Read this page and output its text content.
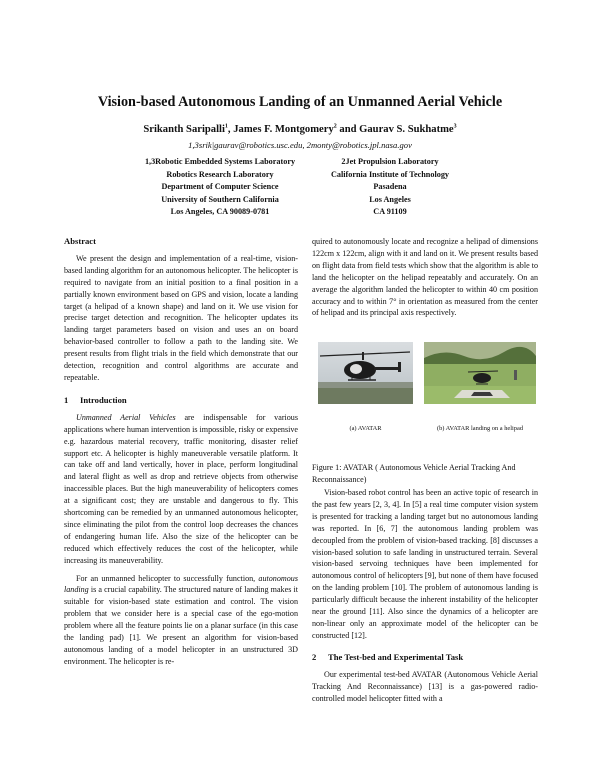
Vision-based Autonomous Landing of an Unmanned Aerial Vehicle
Srikanth Saripalli$^1$, James F. Montgomery$^2$ and Gaurav S. Sukhatme$^3$
1,3srik|gaurav@robotics.usc.edu, 2monty@robotics.jpl.nasa.gov
1,3Robotic Embedded Systems Laboratory
Robotics Research Laboratory
Department of Computer Science
University of Southern California
Los Angeles, CA 90089-0781
2Jet Propulsion Laboratory
California Institute of Technology
Pasadena
Los Angeles
CA 91109

Abstract

We present the design and implementation of a real-time, vision-based landing algorithm for an autonomous helicopter. The helicopter is required to navigate from an initial position to a final position in a partially known environment based on GPS and vision, locate a landing target (a helipad of a known shape) and land on it. We use vision for precise target detection and recognition. The helicopter updates its landing target parameters based on vision and uses an on board behavior-based controller to follow a path to the landing site. We present results from flight trials in the field which demonstrate that our detection, recognition and control algorithms are accurate and repeatable.

1 Introduction

Unmanned Aerial Vehicles are indispensable for various applications where human intervention is impossible, risky or expensive e.g. hazardous material recovery, traffic monitoring, disaster relief support etc. A helicopter is highly maneuverable versatile platform. It can take off and land vertically, hover in place, perform longitudinal and lateral flight as well as drop and retrieve objects from otherwise inaccessible places. But the high maneuverability of helicopters comes at a significant cost; they are unstable and dangerous to fly. This shortcoming can be remedied by an unmanned autonomous helicopter, since eliminating the pilot from the control loop decreases the chances of endangering human life. Also the size of the helicopter can be reduced which effectively reduces the cost of the helicopter, while increasing its maneuverability.

For an unmanned helicopter to successfully function, autonomous landing is a crucial capability. The structured nature of landing makes it suitable for vision-based state estimation and control. The vision problem that we consider here is a special case of the ego-motion problem where all the feature points lie on a planar surface (in this case the landing pad) [1]. We present an algorithm for vision-based autonomous landing of a model helicopter in an unstructured 3D environment. The helicopter is re-

quired to autonomously locate and recognize a helipad of dimensions 122cm x 122cm, align with it and land on it. We present results based on flight data from field tests which show that the algorithm is able to land the helicopter on the helipad repeatably and accurately. On an average the algorithm landed the helicopter to within 40 cm position accuracy and to within 7° in orientation as measured from the center of helipad and its principal axis respectively.

(a) AVATAR	(b) AVATAR landing on a helipad
Figure 1: AVATAR ( Autonomous Vehicle Aerial Tracking And Reconnaissance)

Vision-based robot control has been an active topic of research in the past few years [2, 3, 4]. In [5] a real time computer vision system is presented for tracking a landing target but no autonomous landing was reported. In [6, 7] the autonomous landing problem was decoupled from the problem of vision-based tracking. [8] discusses a vision-based solution to safe landing in unstructured terrain. Several vision-based servoing techniques have been implemented for autonomous control of helicopters [9], but none of them have focused on the landing problem [10]. The problem of autonomous landing is particularly difficult because the inherent instability of the helicopter near the ground [11]. Also since the dynamics of a helicopter are non-linear only an approximate model of the helicopter can be constructed [12].

2 The Test-bed and Experimental Task

Our experimental test-bed AVATAR (Autonomous Vehicle Aerial Tracking And Reconnaissance) [13] is a gas-powered radio-controlled model helicopter fitted with a
